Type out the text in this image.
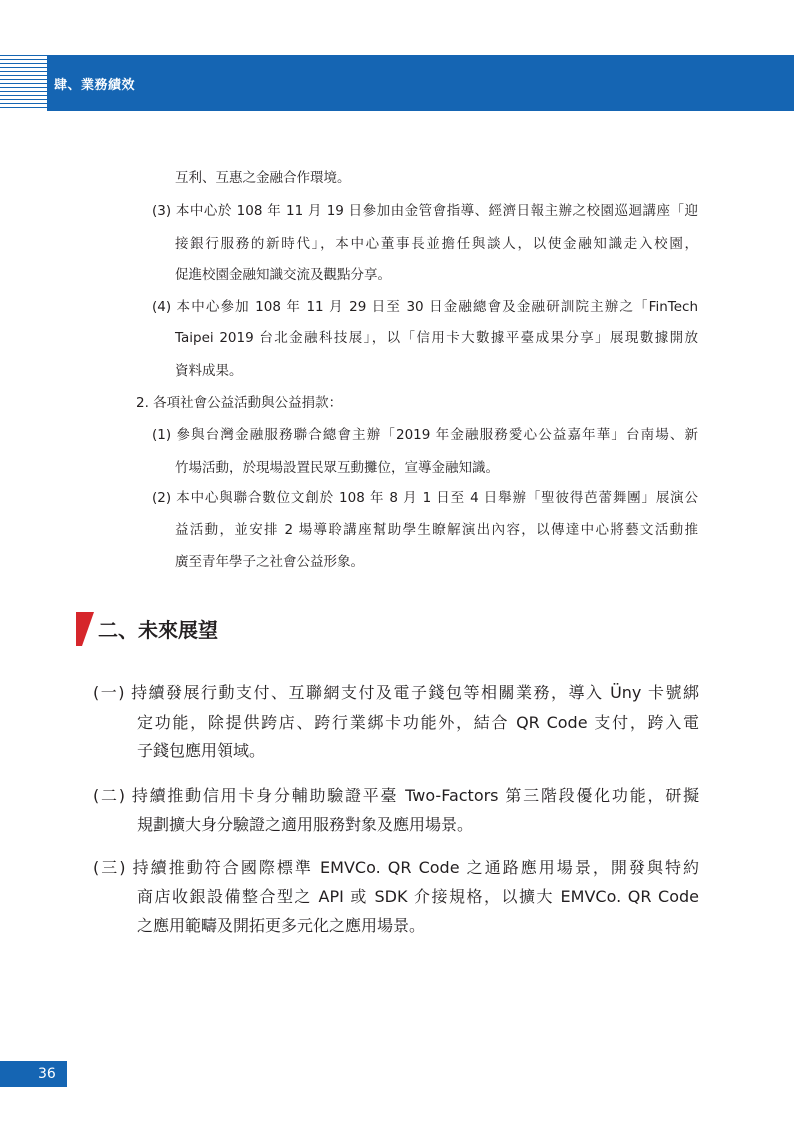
肆、業務績效
互利、互惠之金融合作環境。
(3) 本中心於 108 年 11 月 19 日參加由金管會指導、經濟日報主辦之校園巡迴講座「迎
接銀行服務的新時代」，本中心董事長並擔任與談人，以使金融知識走入校園，
促進校園金融知識交流及觀點分享。
(4) 本中心參加 108 年 11 月 29 日至 30 日金融總會及金融研訓院主辦之「FinTech
Taipei 2019 台北金融科技展」，以「信用卡大數據平臺成果分享」展現數據開放
資料成果。
2. 各項社會公益活動與公益捐款：
(1) 參與台灣金融服務聯合總會主辦「2019 年金融服務愛心公益嘉年華」台南場、新
竹場活動，於現場設置民眾互動攤位，宣導金融知識。
(2) 本中心與聯合數位文創於 108 年 8 月 1 日至 4 日舉辦「聖彼得芭蕾舞團」展演公
益活動，並安排 2 場導聆講座幫助學生瞭解演出內容，以傳達中心將藝文活動推
廣至青年學子之社會公益形象。
二、未來展望
(一) 持續發展行動支付、互聯網支付及電子錢包等相關業務，導入 Üny 卡號綁
定功能，除提供跨店、跨行業綁卡功能外，結合 QR Code 支付，跨入電
子錢包應用領域。
(二) 持續推動信用卡身分輔助驗證平臺 Two-Factors 第三階段優化功能，研擬
規劃擴大身分驗證之適用服務對象及應用場景。
(三) 持續推動符合國際標準 EMVCo. QR Code 之通路應用場景，開發與特約
商店收銀設備整合型之 API 或 SDK 介接規格，以擴大 EMVCo. QR Code
之應用範疇及開拓更多元化之應用場景。
36
